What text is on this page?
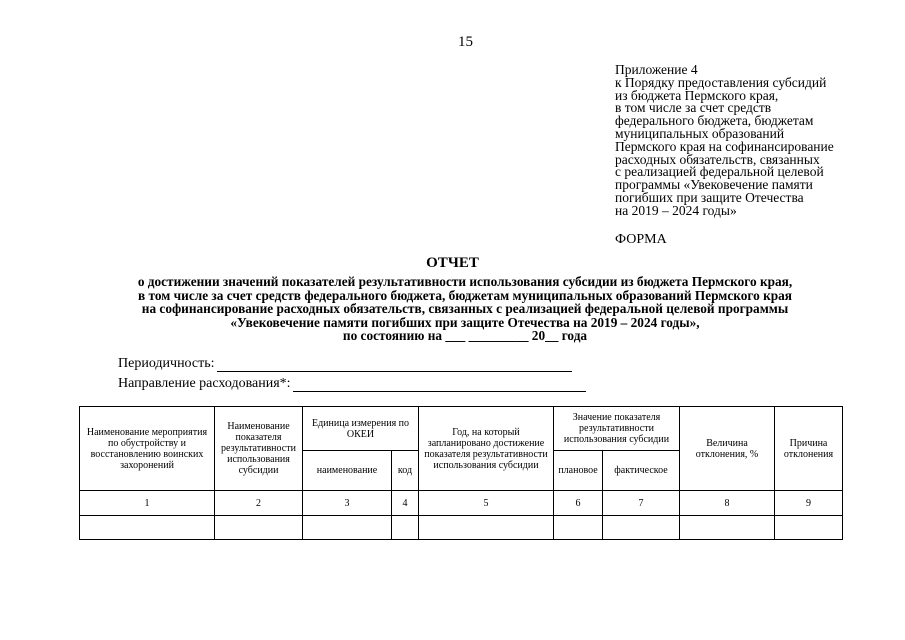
15
Приложение 4
к Порядку предоставления субсидий
из бюджета Пермского края,
в том числе за счет средств
федерального бюджета, бюджетам
муниципальных образований
Пермского края на софинансирование
расходных обязательств, связанных
с реализацией федеральной целевой
программы «Увековечение памяти
погибших при защите Отечества
на 2019 – 2024 годы»
ФОРМА
ОТЧЕТ
о достижении значений показателей результативности использования субсидии из бюджета Пермского края,
в том числе за счет средств федерального бюджета, бюджетам муниципальных образований Пермского края
на софинансирование расходных обязательств, связанных с реализацией федеральной целевой программы
«Увековечение памяти погибших при защите Отечества на 2019 – 2024 годы»,
по состоянию на ___ _________ 20__ года
Периодичность:
Направление расходования*:
Наименование мероприятия по обустройству и восстановлению воинских захоронений	Наименование показателя результативности использования субсидии	Единица измерения по ОКЕИ		Год, на который запланировано достижение показателя результативности использования субсидии	Значение показателя результативности использования субсидии		Величина отклонения, %	Причина отклонения
		наименование	код		плановое	фактическое		
1	2	3	4	5	6	7	8	9
